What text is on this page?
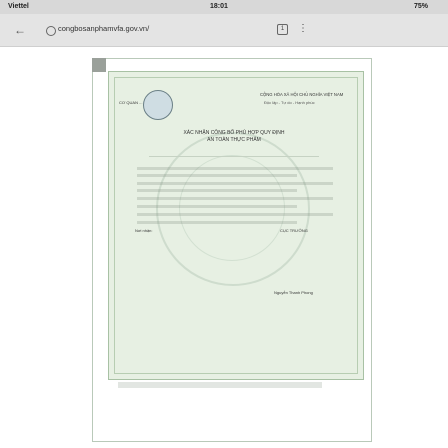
Viettel	18:01	75%
←	congbosanphamvfa.gov.vn/	1	⋮
CƠ QUAN ...
CỘNG HÒA XÃ HỘI CHỦ NGHĨA VIỆT NAM
Độc lập - Tự do - Hạnh phúc
XÁC NHẬN CÔNG BỐ PHÙ HỢP QUY ĐỊNH
AN TOÀN THỰC PHẨM
Nơi nhận:	CỤC TRƯỞNG
Nguyễn Thanh Phong
